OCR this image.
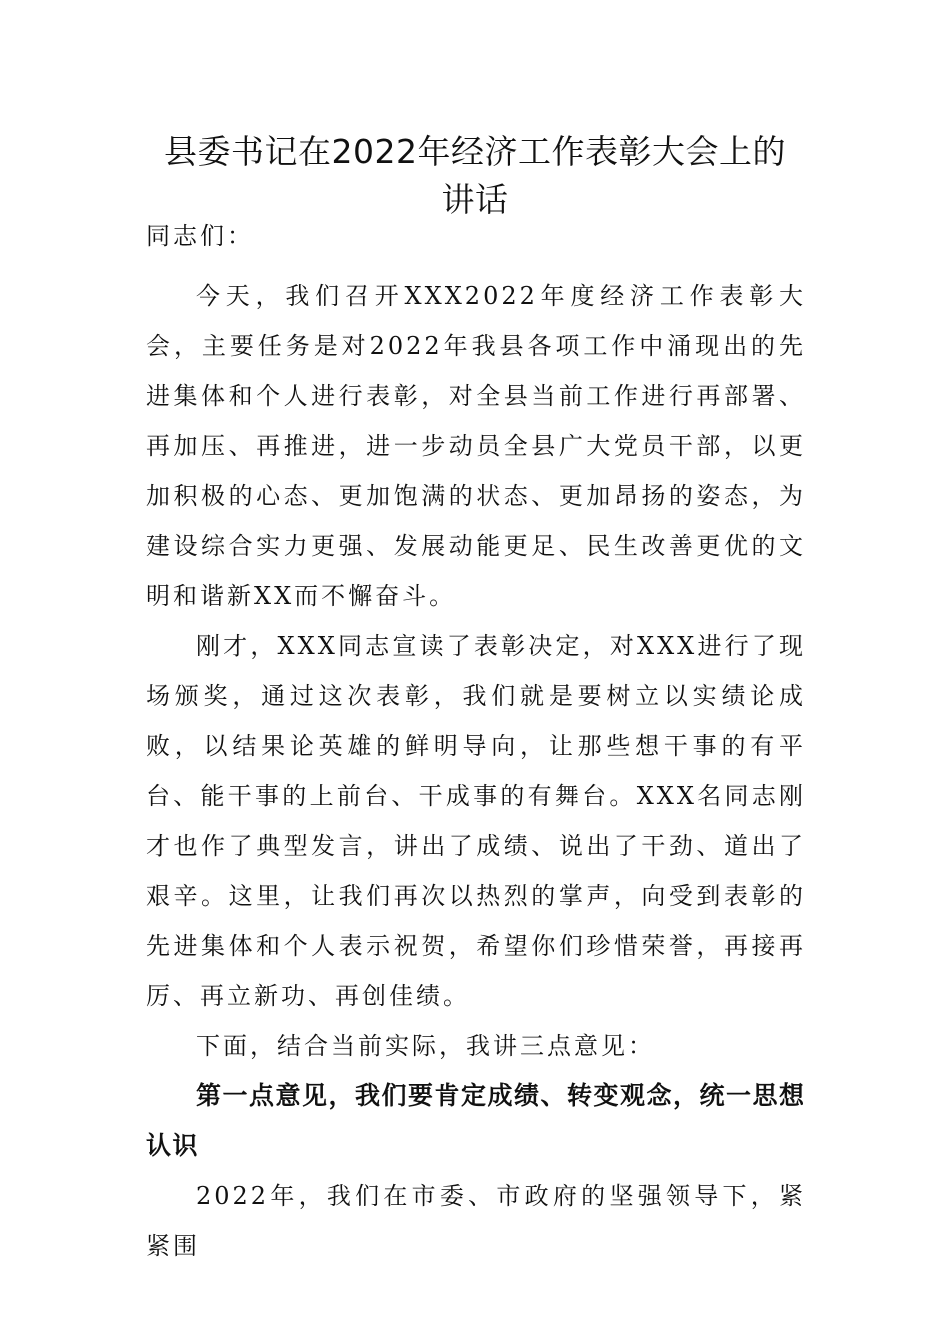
县委书记在2022年经济工作表彰大会上的
讲话

同志们：

今天，我们召开XXX2022年度经济工作表彰大会，主要任务是对2022年我县各项工作中涌现出的先进集体和个人进行表彰，对全县当前工作进行再部署、再加压、再推进，进一步动员全县广大党员干部，以更加积极的心态、更加饱满的状态、更加昂扬的姿态，为建设综合实力更强、发展动能更足、民生改善更优的文明和谐新XX而不懈奋斗。

刚才，XXX同志宣读了表彰决定，对XXX进行了现场颁奖，通过这次表彰，我们就是要树立以实绩论成败，以结果论英雄的鲜明导向，让那些想干事的有平台、能干事的上前台、干成事的有舞台。XXX名同志刚才也作了典型发言，讲出了成绩、说出了干劲、道出了艰辛。这里，让我们再次以热烈的掌声，向受到表彰的先进集体和个人表示祝贺，希望你们珍惜荣誉，再接再厉、再立新功、再创佳绩。

下面，结合当前实际，我讲三点意见：

第一点意见，我们要肯定成绩、转变观念，统一思想认识

2022年，我们在市委、市政府的坚强领导下，紧紧围
